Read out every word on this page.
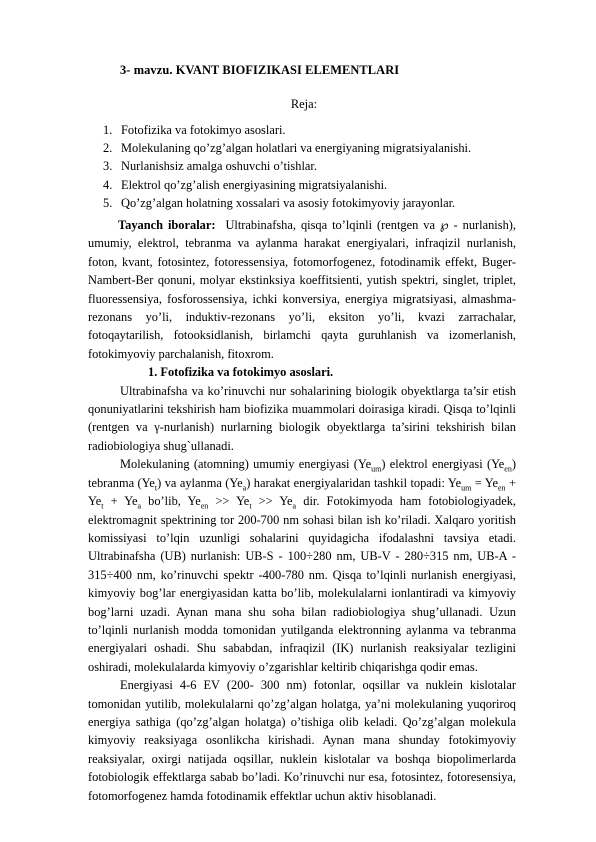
3- mavzu. KVANT BIOFIZIKASI ELEMENTLARI
Reja:
1. Fotofizika va fotokimyo asoslari.
2. Molekulaning qo’zg’algan holatlari va energiyaning migratsiyalanishi.
3. Nurlanishsiz amalga oshuvchi o’tishlar.
4. Elektrol qo’zg’alish energiyasining migratsiyalanishi.
5. Qo’zg’algan holatning xossalari va asosiy fotokimyoviy jarayonlar.

Tayanch iboralar: Ultrabinafsha, qisqa to’lqinli (rentgen va ℘ - nurlanish), umumiy, elektrol, tebranma va aylanma harakat energiyalari, infraqizil nurlanish, foton, kvant, fotosintez, fotoressensiya, fotomorfogenez, fotodinamik effekt, Buger-Nambert-Ber qonuni, molyar ekstinksiya koeffitsienti, yutish spektri, singlet, triplet, fluoressensiya, fosforossensiya, ichki konversiya, energiya migratsiyasi, almashma-rezonans yo’li, induktiv-rezonans yo’li, eksiton yo’li, kvazi zarrachalar, fotoqaytarilish, fotooksidlanish, birlamchi qayta guruhlanish va izomerlanish, fotokimyoviy parchalanish, fitoxrom.

1. Fotofizika va fotokimyo asoslari.

Ultrabinafsha va ko’rinuvchi nur sohalarining biologik obyektlarga ta’sir etish qonuniyatlarini tekshirish ham biofizika muammolari doirasiga kiradi. Qisqa to’lqinli (rentgen va γ-nurlanish) nurlarning biologik obyektlarga ta’sirini tekshirish bilan radiobiologiya shug`ullanadi.

Molekulaning (atomning) umumiy energiyasi $(Ye_{um})$ elektrol energiyasi $(Ye_{en})$ tebranma $(Ye_t)$ va aylanma $(Ye_a)$ harakat energiyalaridan tashkil topadi: $Ye_{um} = Ye_{en} + Ye_t + Ye_a$ bo’lib, $Ye_{en} >> Ye_t >> Ye_a$ dir. Fotokimyoda ham fotobiologiyadek, elektromagnit spektrining tor 200-700 nm sohasi bilan ish ko’riladi. Xalqaro yoritish komissiyasi to’lqin uzunligi sohalarini quyidagicha ifodalashni tavsiya etadi. Ultrabinafsha (UB) nurlanish: UB-S - 100÷280 nm, UB-V - 280÷315 nm, UB-A - 315÷400 nm, ko’rinuvchi spektr -400-780 nm. Qisqa to’lqinli nurlanish energiyasi, kimyoviy bog’lar energiyasidan katta bo’lib, molekulalarni ionlantiradi va kimyoviy bog’larni uzadi. Aynan mana shu soha bilan radiobiologiya shug’ullanadi. Uzun to’lqinli nurlanish modda tomonidan yutilganda elektronning aylanma va tebranma energiyalari oshadi. Shu sababdan, infraqizil (IK) nurlanish reaksiyalar tezligini oshiradi, molekulalarda kimyoviy o’zgarishlar keltirib chiqarishga qodir emas.

Energiyasi 4-6 EV (200- 300 nm) fotonlar, oqsillar va nuklein kislotalar tomonidan yutilib, molekulalarni qo’zg’algan holatga, ya’ni molekulaning yuqoriroq energiya sathiga (qo’zg’algan holatga) o’tishiga olib keladi. Qo’zg’algan molekula kimyoviy reaksiyaga osonlikcha kirishadi. Aynan mana shunday fotokimyoviy reaksiyalar, oxirgi natijada oqsillar, nuklein kislotalar va boshqa biopolimerlarda fotobiologik effektlarga sabab bo’ladi. Ko’rinuvchi nur esa, fotosintez, fotoresensiya, fotomorfogenez hamda fotodinamik effektlar uchun aktiv hisoblanadi.
